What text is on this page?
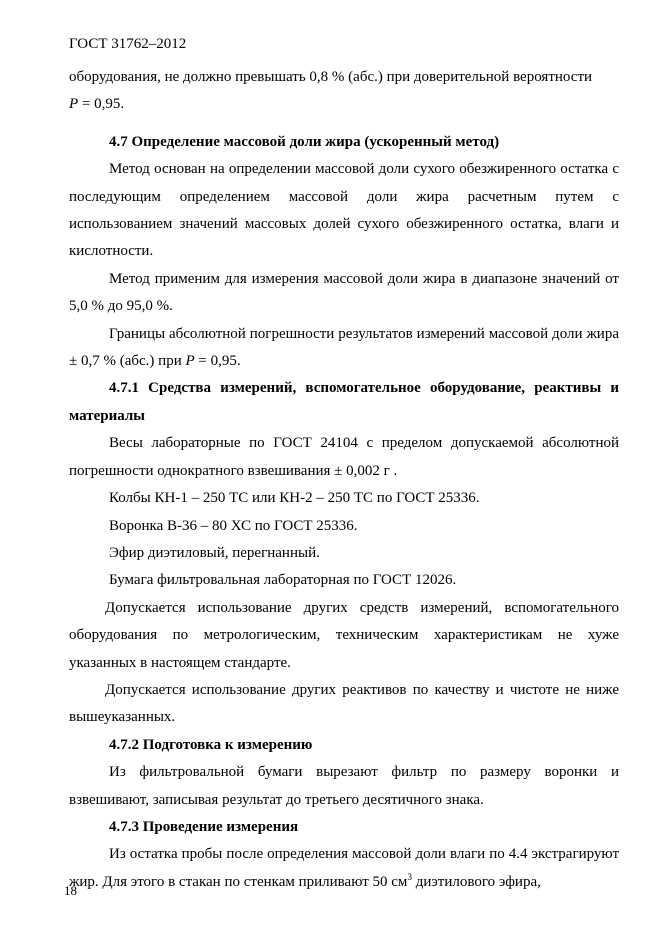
ГОСТ 31762–2012

оборудования, не должно превышать 0,8 % (абс.) при доверительной вероятности
P = 0,95.

4.7 Определение массовой доли жира (ускоренный метод)

Метод основан на определении массовой доли сухого обезжиренного остатка с последующим определением массовой доли жира расчетным путем с использованием значений массовых долей сухого обезжиренного остатка, влаги и кислотности.

Метод применим для измерения массовой доли жира в диапазоне значений от 5,0 % до 95,0 %.

Границы абсолютной погрешности результатов измерений массовой доли жира ± 0,7 % (абс.) при P = 0,95.

4.7.1 Средства измерений, вспомогательное оборудование, реактивы и материалы

Весы лабораторные по ГОСТ 24104 с пределом допускаемой абсолютной погрешности однократного взвешивания ± 0,002 г .

Колбы КН-1 – 250 ТС или КН-2 – 250 ТС по ГОСТ 25336.

Воронка В-36 – 80 ХС по ГОСТ 25336.

Эфир диэтиловый, перегнанный.

Бумага фильтровальная лабораторная по ГОСТ 12026.

Допускается использование других средств измерений, вспомогательного оборудования по метрологическим, техническим характеристикам не хуже указанных в настоящем стандарте.

Допускается использование других реактивов по качеству и чистоте не ниже вышеуказанных.

4.7.2 Подготовка к измерению

Из фильтровальной бумаги вырезают фильтр по размеру воронки и взвешивают, записывая результат до третьего десятичного знака.

4.7.3 Проведение измерения

Из остатка пробы после определения массовой доли влаги по 4.4 экстрагируют жир. Для этого в стакан по стенкам приливают 50 $см^3$ диэтилового эфира,

18
